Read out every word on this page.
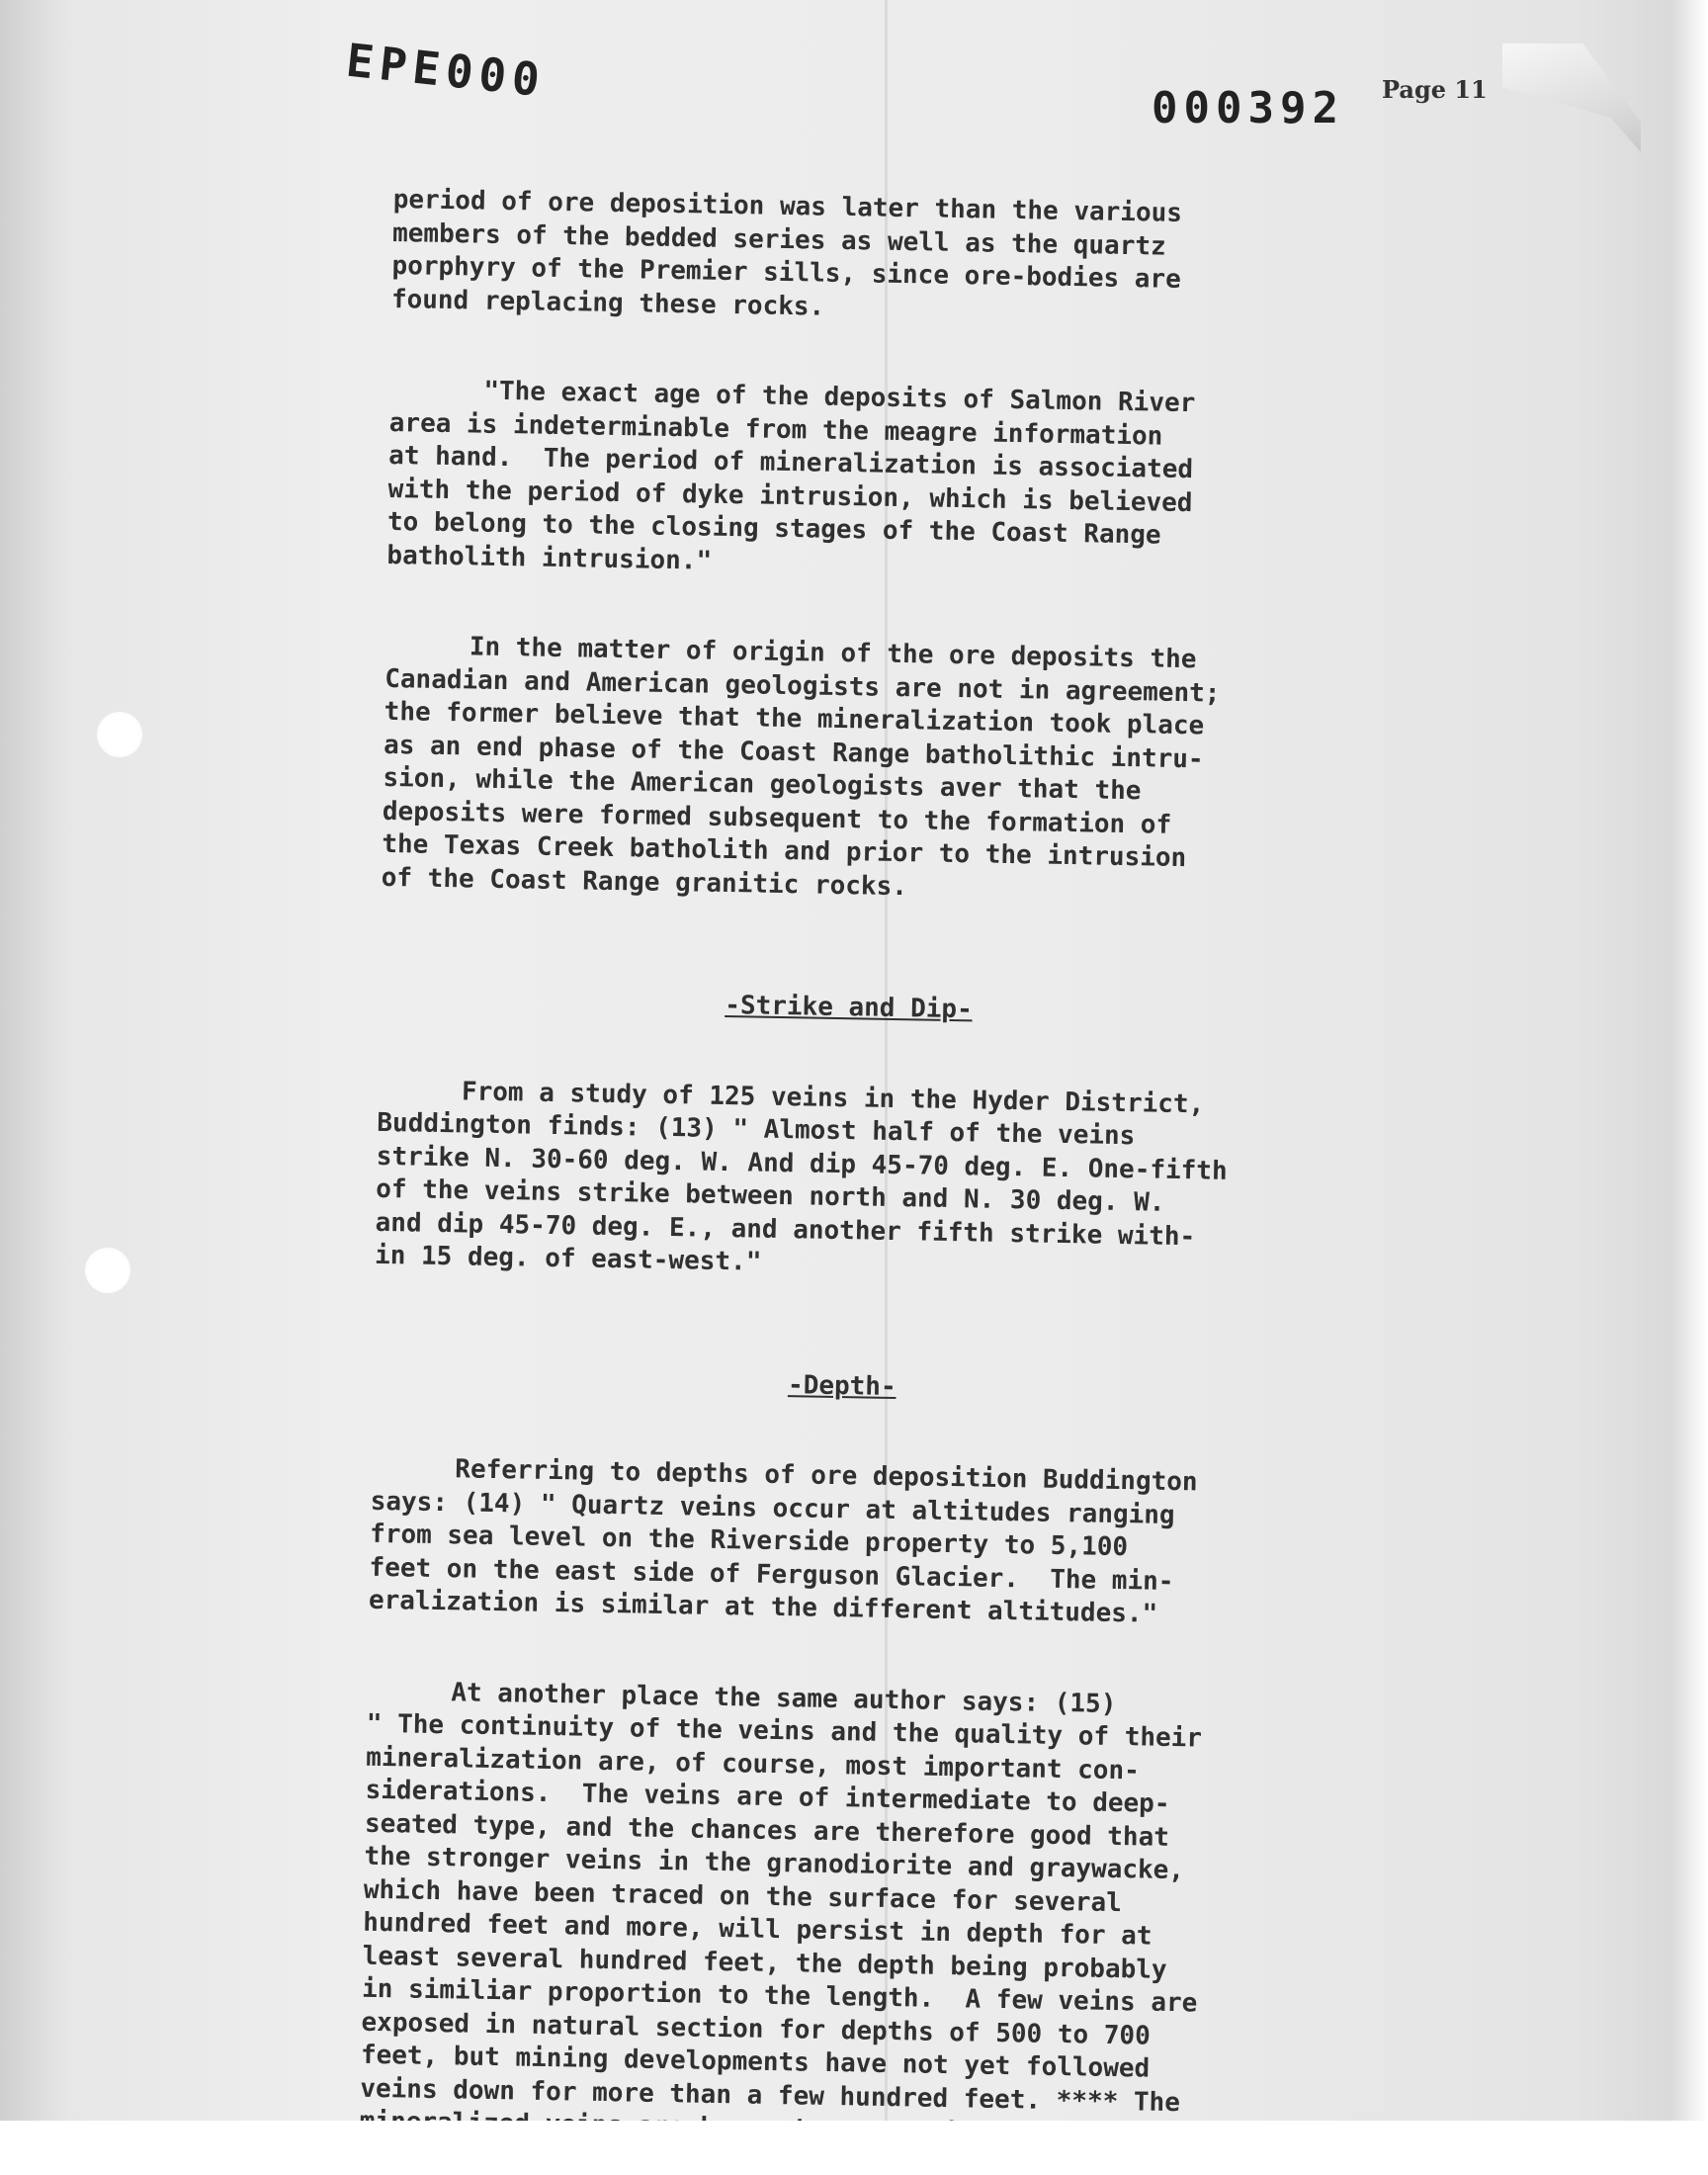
EPE000
000392 Page 11
period of ore deposition was later than the various
members of the bedded series as well as the quartz
porphyry of the Premier sills, since ore-bodies are
found replacing these rocks.
"The exact age of the deposits of Salmon River
area is indeterminable from the meagre information
at hand.  The period of mineralization is associated
with the period of dyke intrusion, which is believed
to belong to the closing stages of the Coast Range
batholith intrusion."
In the matter of origin of the ore deposits the
Canadian and American geologists are not in agreement;
the former believe that the mineralization took place
as an end phase of the Coast Range batholithic intru-
sion, while the American geologists aver that the
deposits were formed subsequent to the formation of
the Texas Creek batholith and prior to the intrusion
of the Coast Range granitic rocks.
-Strike and Dip-
From a study of 125 veins in the Hyder District,
Buddington finds: (13) " Almost half of the veins
strike N. 30-60 deg. W. And dip 45-70 deg. E. One-fifth
of the veins strike between north and N. 30 deg. W.
and dip 45-70 deg. E., and another fifth strike with-
in 15 deg. of east-west."
-Depth-
Referring to depths of ore deposition Buddington
says: (14) " Quartz veins occur at altitudes ranging
from sea level on the Riverside property to 5,100
feet on the east side of Ferguson Glacier.  The min-
eralization is similar at the different altitudes."
At another place the same author says: (15)
" The continuity of the veins and the quality of their
mineralization are, of course, most important con-
siderations.  The veins are of intermediate to deep-
seated type, and the chances are therefore good that
the stronger veins in the granodiorite and graywacke,
which have been traced on the surface for several
hundred feet and more, will persist in depth for at
least several hundred feet, the depth being probably
in similiar proportion to the length.  A few veins are
exposed in natural section for depths of 500 to 700
feet, but mining developments have not yet followed
veins down for more than a few hundred feet. **** The
